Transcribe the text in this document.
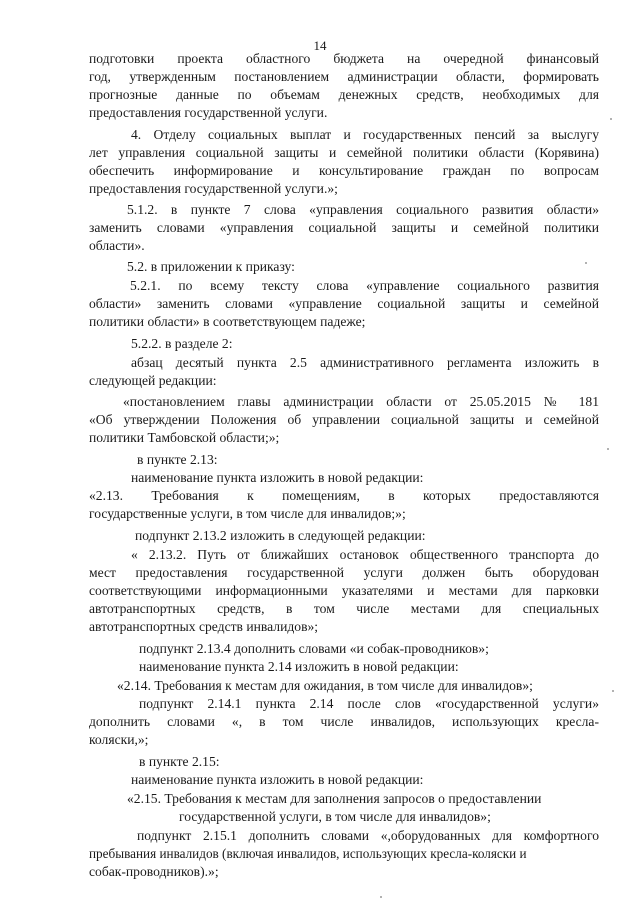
14
подготовки проекта областного бюджета на очередной финансовый
год, утвержденным постановлением администрации области, формировать
прогнозные данные по объемам денежных средств, необходимых для
предоставления государственной услуги.
4. Отделу социальных выплат и государственных пенсий за выслугу
лет управления социальной защиты и семейной политики области (Корявина)
обеспечить информирование и консультирование граждан по вопросам
предоставления государственной услуги.»;
5.1.2. в пункте 7 слова «управления социального развития области»
заменить словами «управления социальной защиты и семейной политики
области».
5.2. в приложении к приказу:
5.2.1. по всему тексту слова «управление социального развития
области» заменить словами «управление социальной защиты и семейной
политики области» в соответствующем падеже;
5.2.2. в разделе 2:
абзац десятый пункта 2.5 административного регламента изложить в
следующей редакции:
«постановлением главы администрации области от 25.05.2015 № 181
«Об утверждении Положения об управлении социальной защиты и семейной
политики Тамбовской области;»;
в пункте 2.13:
наименование пункта изложить в новой редакции:
«2.13. Требования к помещениям, в которых предоставляются
государственные услуги, в том числе для инвалидов;»;
подпункт 2.13.2 изложить в следующей редакции:
« 2.13.2. Путь от ближайших остановок общественного транспорта до
мест предоставления государственной услуги должен быть оборудован
соответствующими информационными указателями и местами для парковки
автотранспортных средств, в том числе местами для специальных
автотранспортных средств инвалидов»;
подпункт 2.13.4 дополнить словами «и собак-проводников»;
наименование пункта 2.14 изложить в новой редакции:
«2.14. Требования к местам для ожидания, в том числе для инвалидов»;
подпункт 2.14.1 пункта 2.14 после слов «государственной услуги»
дополнить словами «, в том числе инвалидов, использующих кресла-
коляски,»;
в пункте 2.15:
наименование пункта изложить в новой редакции:
«2.15. Требования к местам для заполнения запросов о предоставлении
государственной услуги, в том числе для инвалидов»;
подпункт 2.15.1 дополнить словами «,оборудованных для комфортного
пребывания инвалидов (включая инвалидов, использующих кресла-коляски и
собак-проводников).»;
